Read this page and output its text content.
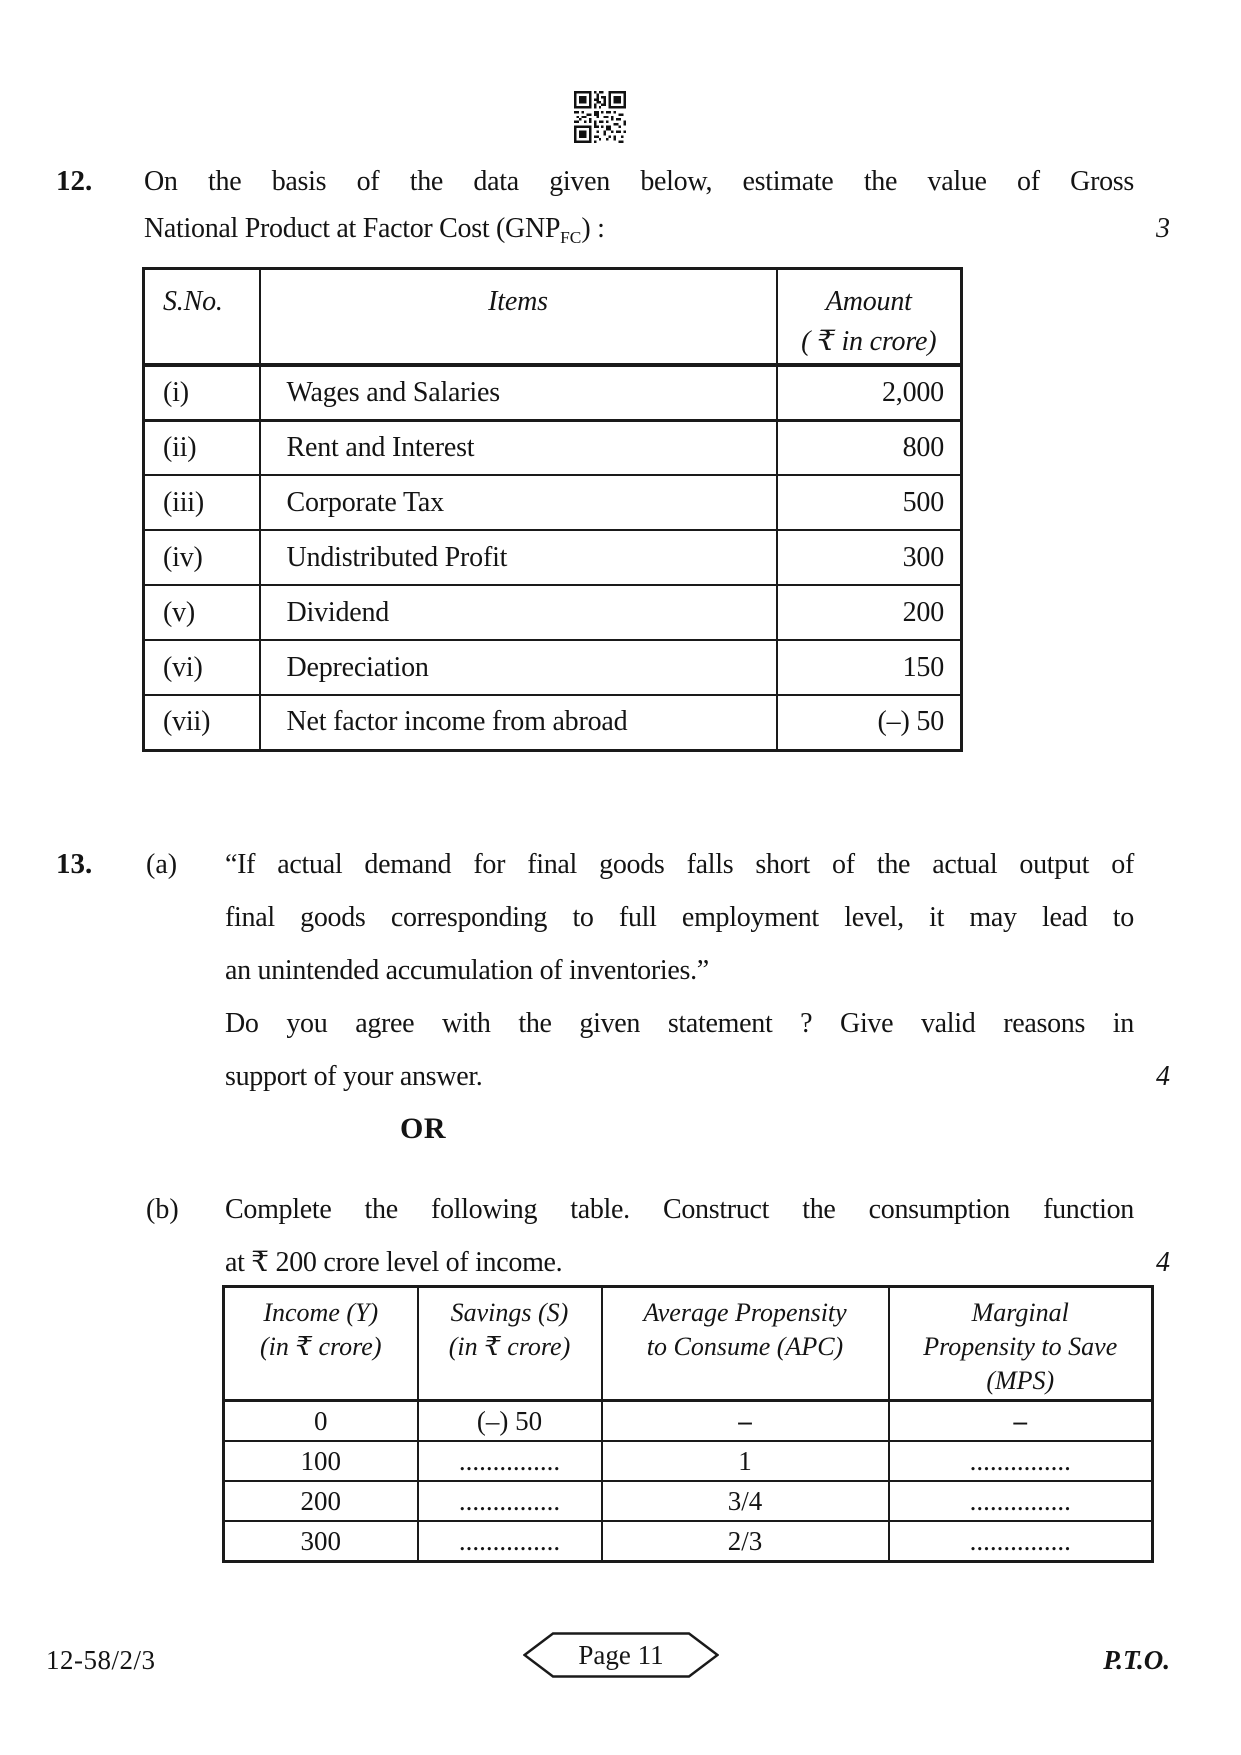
12. On the basis of the data given below, estimate the value of Gross
National Product at Factor Cost $(GNP_{FC})$ :	3
S.No.	Items	Amount
( ₹ in crore)

(i)	Wages and Salaries	2,000
(ii)	Rent and Interest	800
(iii)	Corporate Tax	500
(iv)	Undistributed Profit	300
(v)	Dividend	200
(vi)	Depreciation	150
(vii)	Net factor income from abroad	(–) 50
13. (a) “If actual demand for final goods falls short of the actual output of
final goods corresponding to full employment level, it may lead to
an unintended accumulation of inventories.”
Do you agree with the given statement ? Give valid reasons in
support of your answer.	4
OR
(b) Complete the following table. Construct the consumption function
at ₹ 200 crore level of income.	4
Income (Y)
(in ₹ crore)

Savings (S)
(in ₹ crore)

Average Propensity
to Consume (APC)

Marginal
Propensity to Save
(MPS)

0	(–) 50	–	–
100	...............	1	...............
200	...............	3/4	...............
300	...............	2/3	...............
12-58/2/3	Page 11	P.T.O.
